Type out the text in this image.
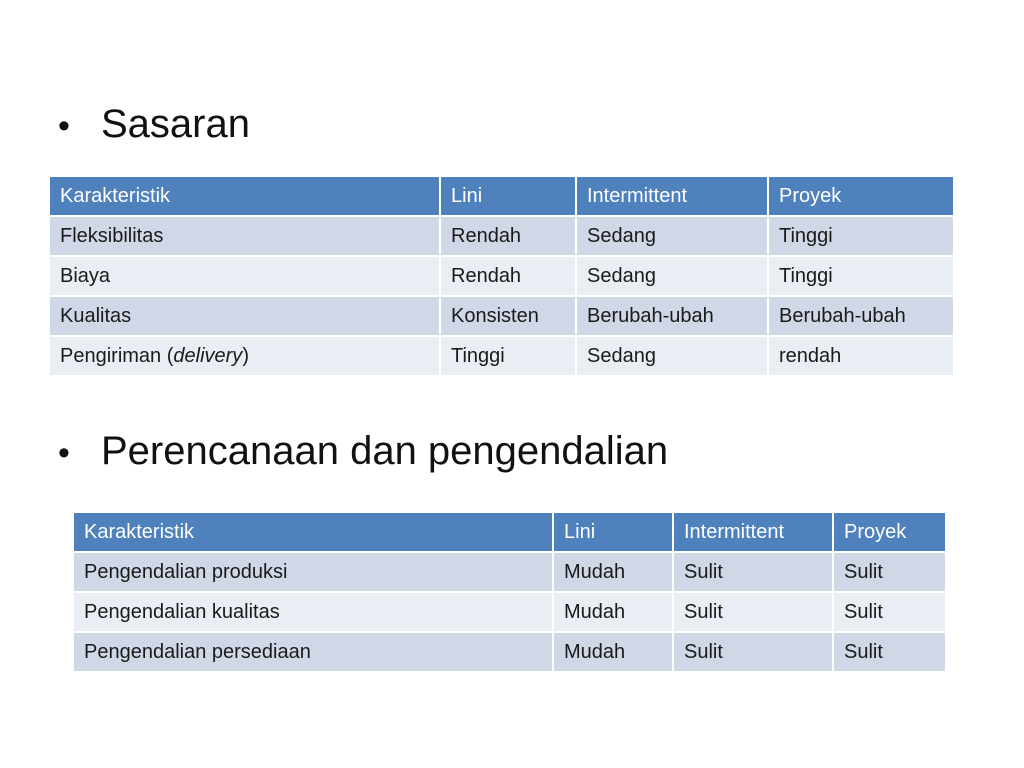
• Sasaran
Karakteristik	Lini	Intermittent	Proyek
Fleksibilitas	Rendah	Sedang	Tinggi
Biaya	Rendah	Sedang	Tinggi
Kualitas	Konsisten	Berubah-ubah	Berubah-ubah
Pengiriman (delivery)	Tinggi	Sedang	rendah
• Perencanaan dan pengendalian
Karakteristik	Lini	Intermittent	Proyek
Pengendalian produksi	Mudah	Sulit	Sulit
Pengendalian kualitas	Mudah	Sulit	Sulit
Pengendalian persediaan	Mudah	Sulit	Sulit
